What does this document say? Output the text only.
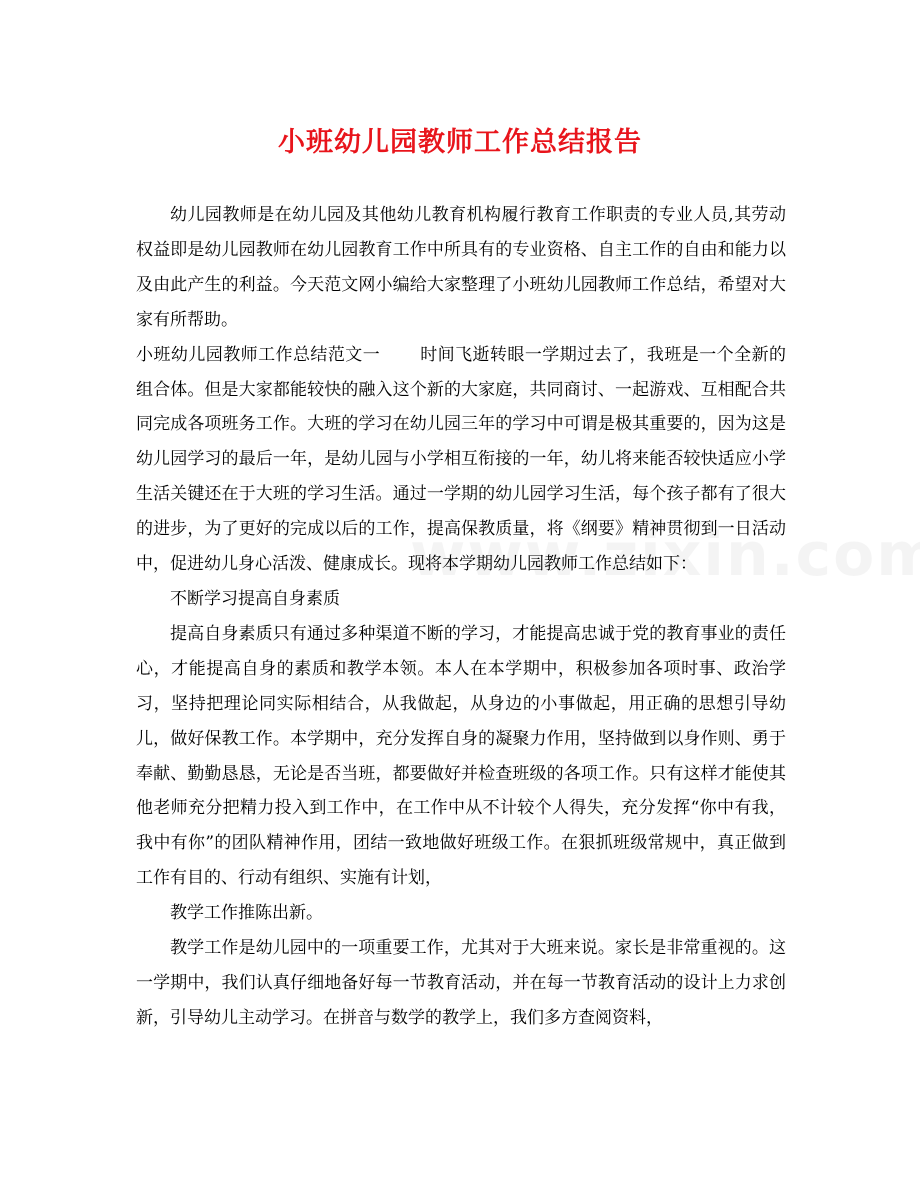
小班幼儿园教师工作总结报告

幼儿园教师是在幼儿园及其他幼儿教育机构履行教育工作职责的专业人员,其劳动权益即是幼儿园教师在幼儿园教育工作中所具有的专业资格、自主工作的自由和能力以及由此产生的利益。今天范文网小编给大家整理了小班幼儿园教师工作总结，希望对大家有所帮助。

小班幼儿园教师工作总结范文一 时间飞逝转眼一学期过去了，我班是一个全新的组合体。但是大家都能较快的融入这个新的大家庭，共同商讨、一起游戏、互相配合共同完成各项班务工作。大班的学习在幼儿园三年的学习中可谓是极其重要的，因为这是幼儿园学习的最后一年，是幼儿园与小学相互衔接的一年，幼儿将来能否较快适应小学生活关键还在于大班的学习生活。通过一学期的幼儿园学习生活，每个孩子都有了很大的进步，为了更好的完成以后的工作，提高保教质量，将《纲要》精神贯彻到一日活动中，促进幼儿身心活泼、健康成长。现将本学期幼儿园教师工作总结如下：

不断学习提高自身素质

提高自身素质只有通过多种渠道不断的学习，才能提高忠诚于党的教育事业的责任心，才能提高自身的素质和教学本领。本人在本学期中，积极参加各项时事、政治学习，坚持把理论同实际相结合，从我做起，从身边的小事做起，用正确的思想引导幼儿，做好保教工作。本学期中，充分发挥自身的凝聚力作用，坚持做到以身作则、勇于奉献、勤勤恳恳，无论是否当班，都要做好并检查班级的各项工作。只有这样才能使其他老师充分把精力投入到工作中，在工作中从不计较个人得失，充分发挥“你中有我，我中有你”的团队精神作用，团结一致地做好班级工作。在狠抓班级常规中，真正做到工作有目的、行动有组织、实施有计划，

教学工作推陈出新。

教学工作是幼儿园中的一项重要工作，尤其对于大班来说。家长是非常重视的。这一学期中，我们认真仔细地备好每一节教育活动，并在每一节教育活动的设计上力求创新，引导幼儿主动学习。在拼音与数学的教学上，我们多方查阅资料，
